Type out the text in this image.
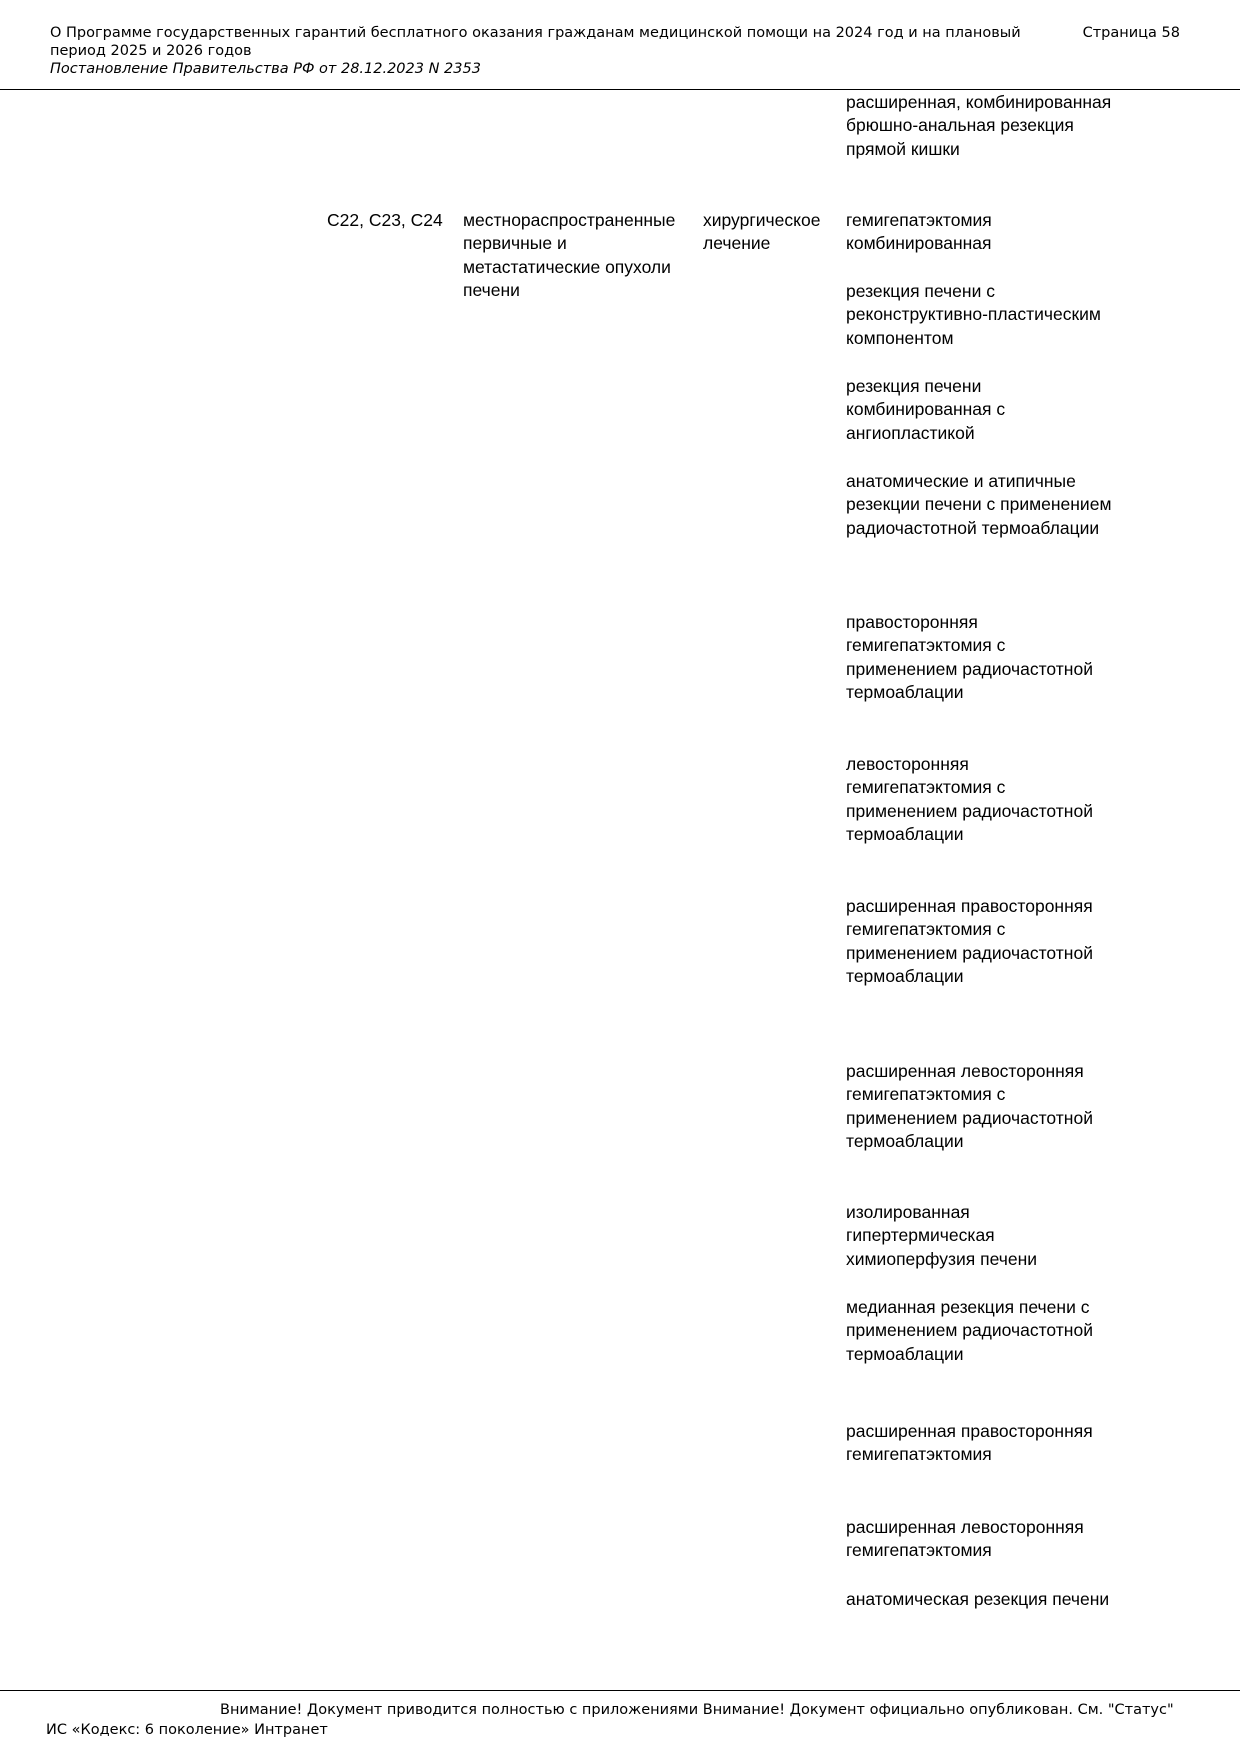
О Программе государственных гарантий бесплатного оказания гражданам медицинской помощи на 2024 год и на плановый период 2025 и 2026 годов
Страница 58
Постановление Правительства РФ от 28.12.2023 N 2353
расширенная, комбинированная брюшно-анальная резекция прямой кишки
C22, C23, C24 местнораспространенные первичные и метастатические опухоли печени
хирургическое лечение
гемигепатэктомия комбинированная
резекция печени с реконструктивно-пластическим компонентом
резекция печени комбинированная с ангиопластикой
анатомические и атипичные резекции печени с применением радиочастотной термоаблации
правосторонняя гемигепатэктомия с применением радиочастотной термоаблации
левосторонняя гемигепатэктомия с применением радиочастотной термоаблации
расширенная правосторонняя гемигепатэктомия с применением радиочастотной термоаблации
расширенная левосторонняя гемигепатэктомия с применением радиочастотной термоаблации
изолированная гипертермическая химиоперфузия печени
медианная резекция печени с применением радиочастотной термоаблации
расширенная правосторонняя гемигепатэктомия
расширенная левосторонняя гемигепатэктомия
анатомическая резекция печени
Внимание! Документ приводится полностью с приложениями Внимание! Документ официально опубликован. См. "Статус"
ИС «Кодекс: 6 поколение» Интранет
